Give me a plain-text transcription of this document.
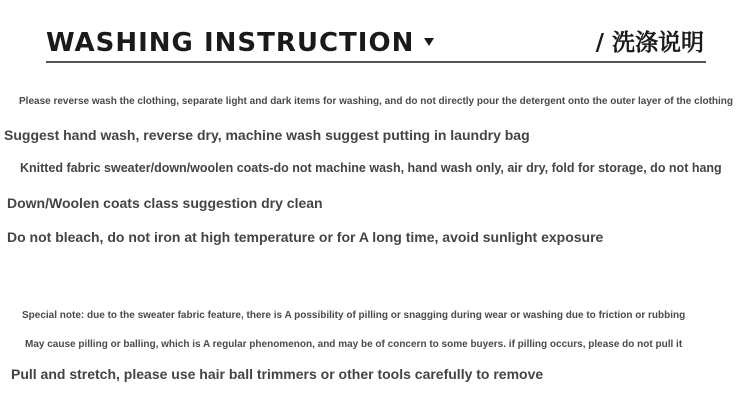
WASHING INSTRUCTION	/ 洗涤说明
Please reverse wash the clothing, separate light and dark items for washing, and do not directly pour the detergent onto the outer layer of the clothing
Suggest hand wash, reverse dry, machine wash suggest putting in laundry bag
Knitted fabric sweater/down/woolen coats-do not machine wash, hand wash only, air dry, fold for storage, do not hang
Down/Woolen coats class suggestion dry clean
Do not bleach, do not iron at high temperature or for A long time, avoid sunlight exposure
Special note: due to the sweater fabric feature, there is A possibility of pilling or snagging during wear or washing due to friction or rubbing
May cause pilling or balling, which is A regular phenomenon, and may be of concern to some buyers. if pilling occurs, please do not pull it
Pull and stretch, please use hair ball trimmers or other tools carefully to remove
